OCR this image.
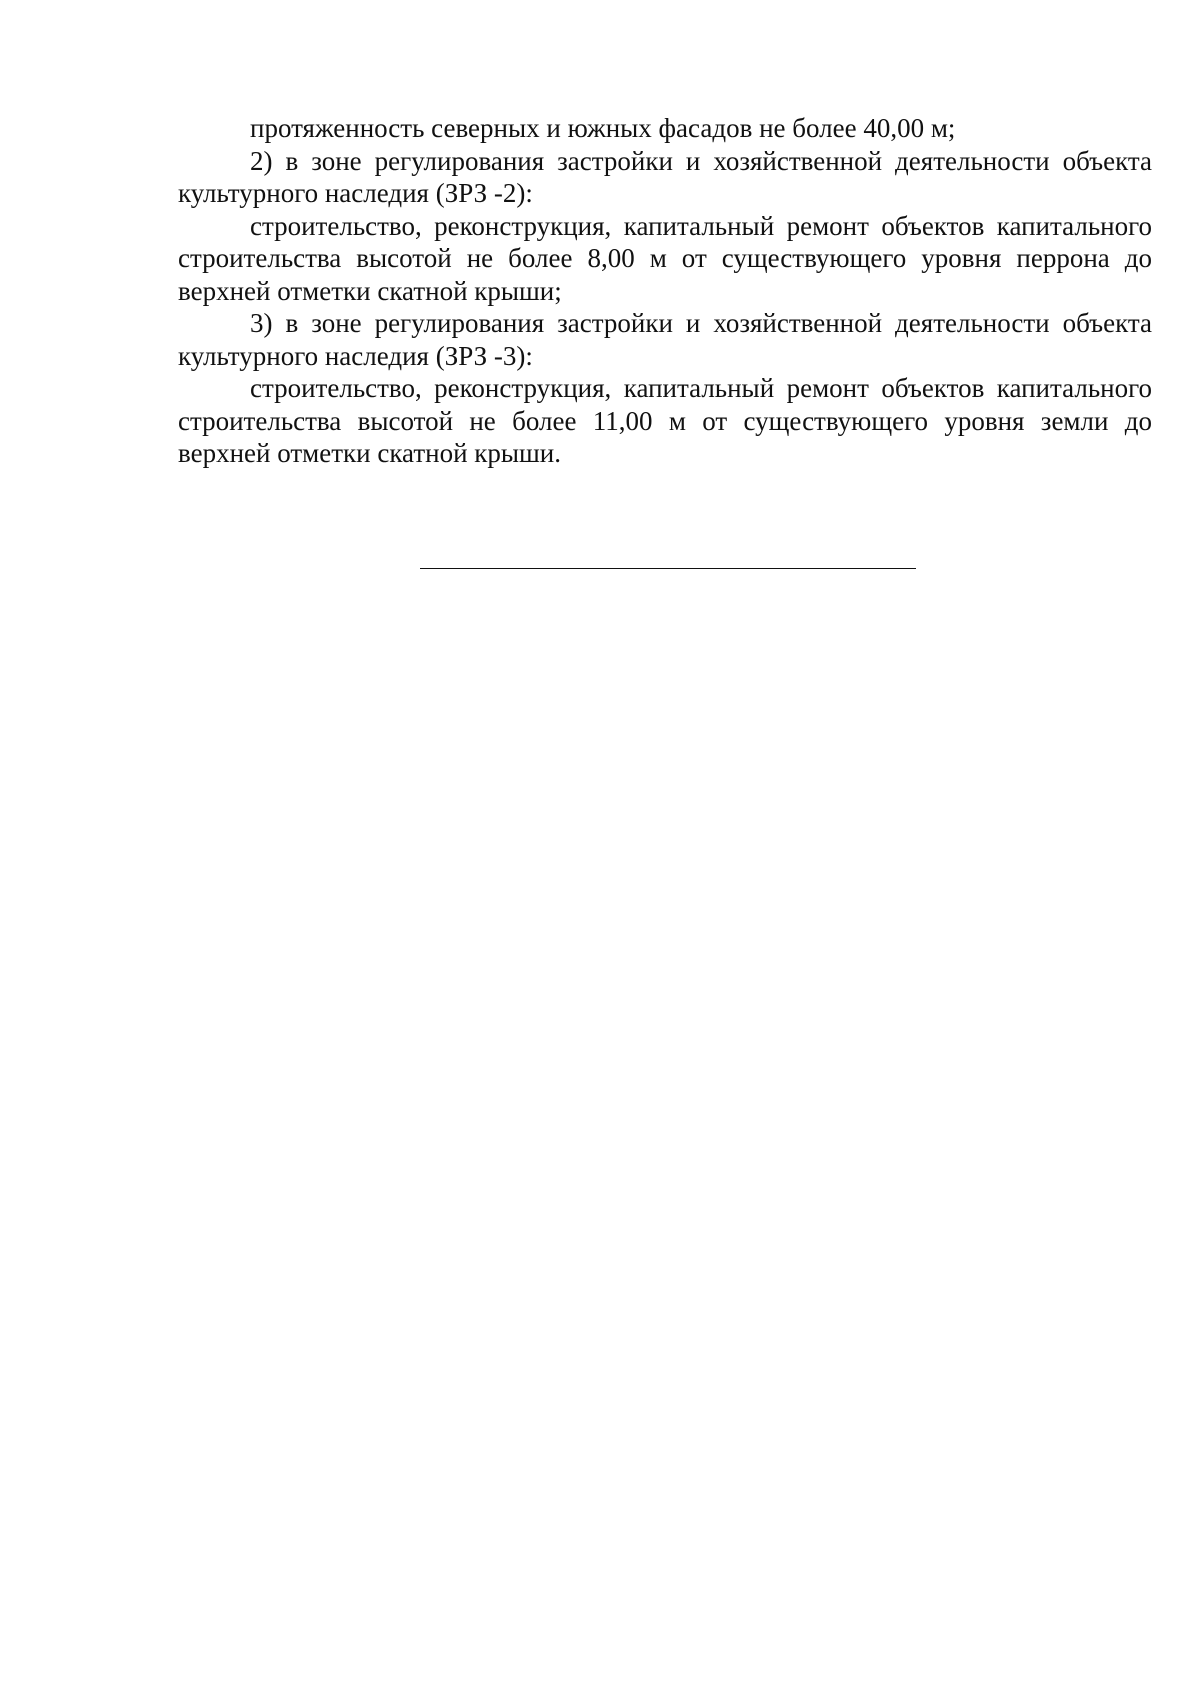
протяженность северных и южных фасадов не более 40,00 м;

2) в зоне регулирования застройки и хозяйственной деятельности объекта культурного наследия (ЗРЗ -2):

строительство, реконструкция, капитальный ремонт объектов капитального строительства высотой не более 8,00 м от существующего уровня перрона до верхней отметки скатной крыши;

3) в зоне регулирования застройки и хозяйственной деятельности объекта культурного наследия (ЗРЗ -3):

строительство, реконструкция, капитальный ремонт объектов капитального строительства высотой не более 11,00 м от существующего уровня земли до верхней отметки скатной крыши.
